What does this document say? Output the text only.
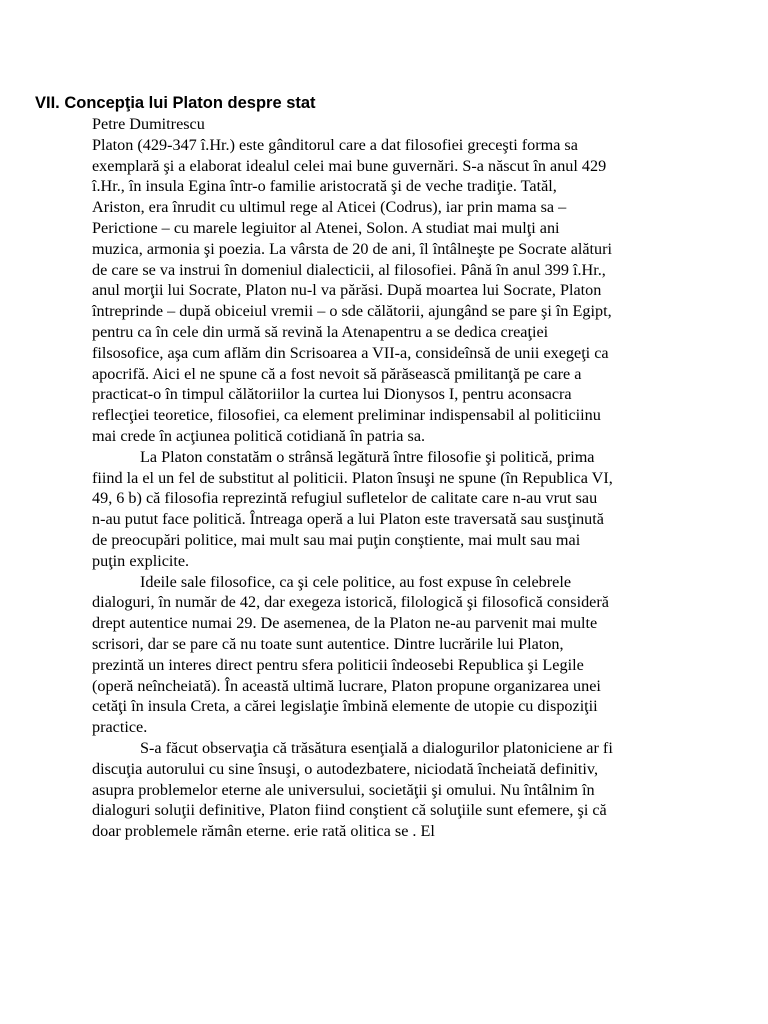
VII. Concepţia lui Platon despre stat
Petre Dumitrescu
Platon (429-347 î.Hr.) este gânditorul care a dat filosofiei greceşti forma sa
exemplară şi a elaborat idealul celei mai bune guvernări. S-a născut în anul 429
î.Hr., în insula Egina într-o familie aristocrată şi de veche tradiţie. Tatăl,
Ariston, era înrudit cu ultimul rege al Aticei (Codrus), iar prin mama sa –
Perictione – cu marele legiuitor al Atenei, Solon. A studiat mai mulţi ani
muzica, armonia şi poezia. La vârsta de 20 de ani, îl întâlneşte pe Socrate alături
de care se va instrui în domeniul dialecticii, al filosofiei. Până în anul 399 î.Hr.,
anul morţii lui Socrate, Platon nu-l va părăsi. După moartea lui Socrate, Platon
întreprinde – după obiceiul vremii – o sde călătorii, ajungând se pare şi în Egipt,
pentru ca în cele din urmă să revină la Atenapentru a se dedica creaţiei
filsosofice, aşa cum aflăm din Scrisoarea a VII-a, consideînsă de unii exegeţi ca
apocrifă. Aici el ne spune că a fost nevoit să părăsească pmilitanţă pe care a
practicat-o în timpul călătoriilor la curtea lui Dionysos I, pentru aconsacra
reflecţiei teoretice, filosofiei, ca element preliminar indispensabil al politiciinu
mai crede în acţiunea politică cotidiană în patria sa.
La Platon constatăm o strânsă legătură între filosofie şi politică, prima
fiind la el un fel de substitut al politicii. Platon însuşi ne spune (în Republica VI,
49, 6 b) că filosofia reprezintă refugiul sufletelor de calitate care n-au vrut sau
n-au putut face politică. Întreaga operă a lui Platon este traversată sau susţinută
de preocupări politice, mai mult sau mai puţin conştiente, mai mult sau mai
puţin explicite.
Ideile sale filosofice, ca şi cele politice, au fost expuse în celebrele
dialoguri, în număr de 42, dar exegeza istorică, filologică şi filosofică consideră
drept autentice numai 29. De asemenea, de la Platon ne-au parvenit mai multe
scrisori, dar se pare că nu toate sunt autentice. Dintre lucrările lui Platon,
prezintă un interes direct pentru sfera politicii îndeosebi Republica şi Legile
(operă neîncheiată). În această ultimă lucrare, Platon propune organizarea unei
cetăţi în insula Creta, a cărei legislaţie îmbină elemente de utopie cu dispoziţii
practice.
S-a făcut observaţia că trăsătura esenţială a dialogurilor platoniciene ar fi
discuţia autorului cu sine însuşi, o autodezbatere, niciodată încheiată definitiv,
asupra problemelor eterne ale universului, societăţii şi omului. Nu întâlnim în
dialoguri soluţii definitive, Platon fiind conştient că soluţiile sunt efemere, şi că
doar problemele rămân eterne. erie rată olitica se . El
